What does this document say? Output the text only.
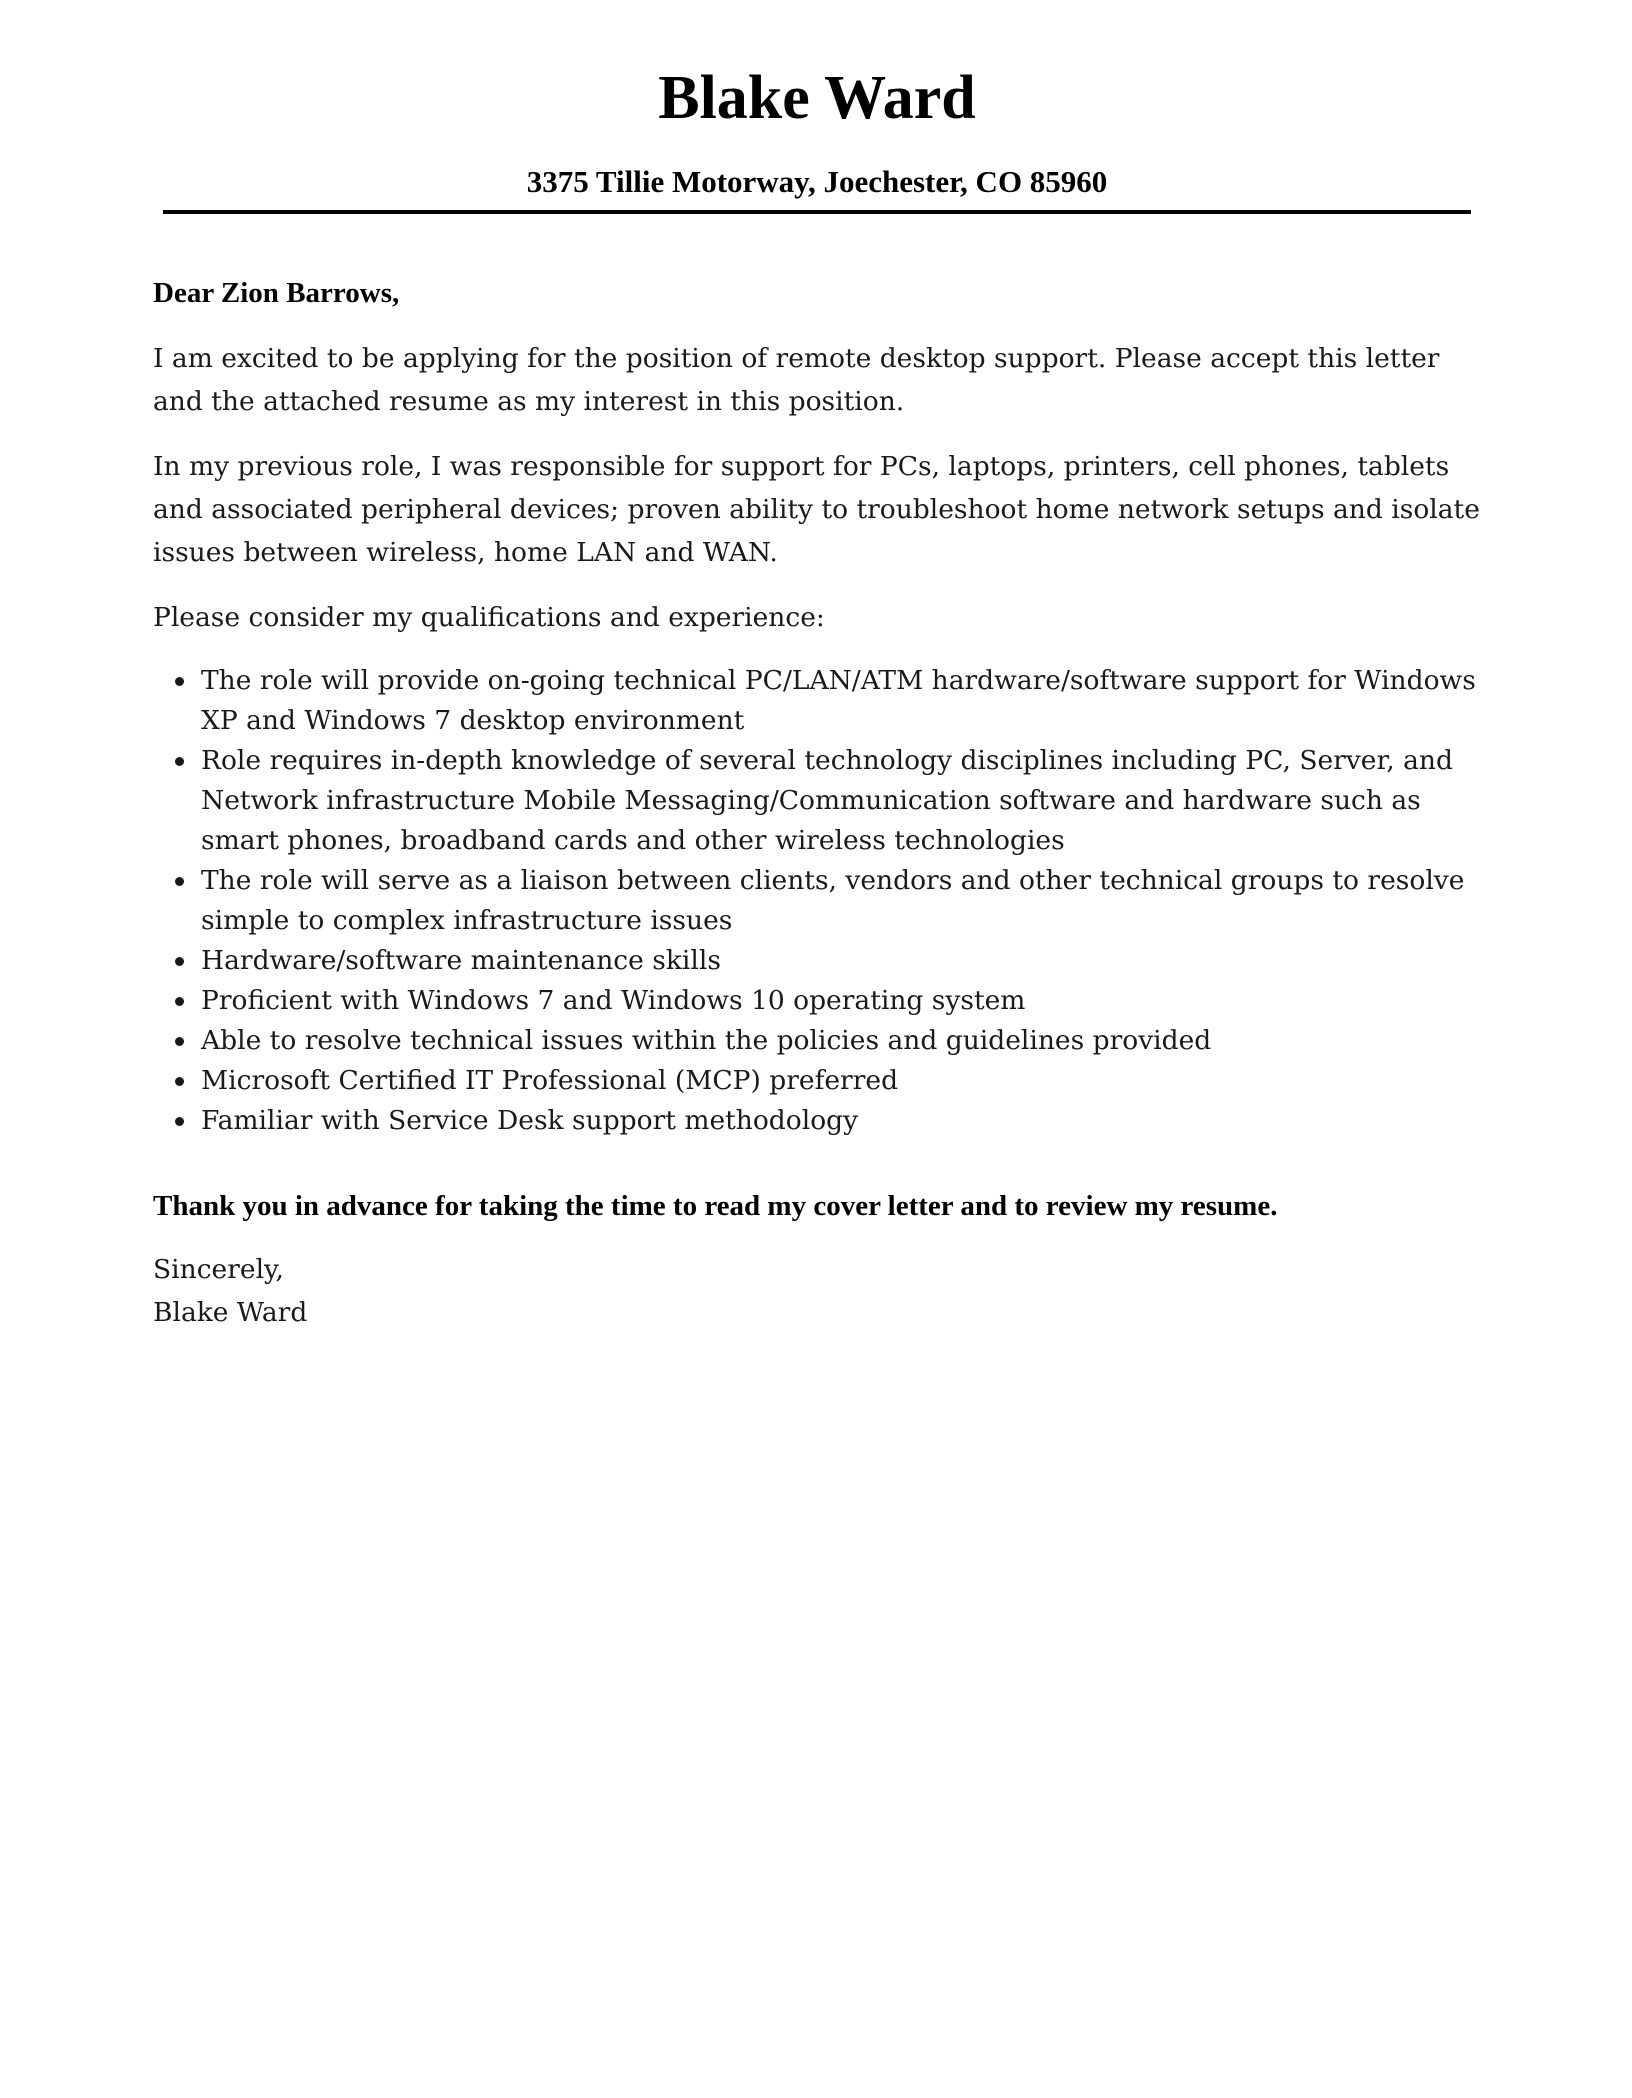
Blake Ward
3375 Tillie Motorway, Joechester, CO 85960

Dear Zion Barrows,

I am excited to be applying for the position of remote desktop support. Please accept this letter and the attached resume as my interest in this position.

In my previous role, I was responsible for support for PCs, laptops, printers, cell phones, tablets and associated peripheral devices; proven ability to troubleshoot home network setups and isolate issues between wireless, home LAN and WAN.

Please consider my qualifications and experience:

The role will provide on-going technical PC/LAN/ATM hardware/software support for Windows XP and Windows 7 desktop environment
Role requires in-depth knowledge of several technology disciplines including PC, Server, and Network infrastructure Mobile Messaging/Communication software and hardware such as smart phones, broadband cards and other wireless technologies
The role will serve as a liaison between clients, vendors and other technical groups to resolve simple to complex infrastructure issues
Hardware/software maintenance skills
Proficient with Windows 7 and Windows 10 operating system
Able to resolve technical issues within the policies and guidelines provided
Microsoft Certified IT Professional (MCP) preferred
Familiar with Service Desk support methodology

Thank you in advance for taking the time to read my cover letter and to review my resume.

Sincerely,

Blake Ward
